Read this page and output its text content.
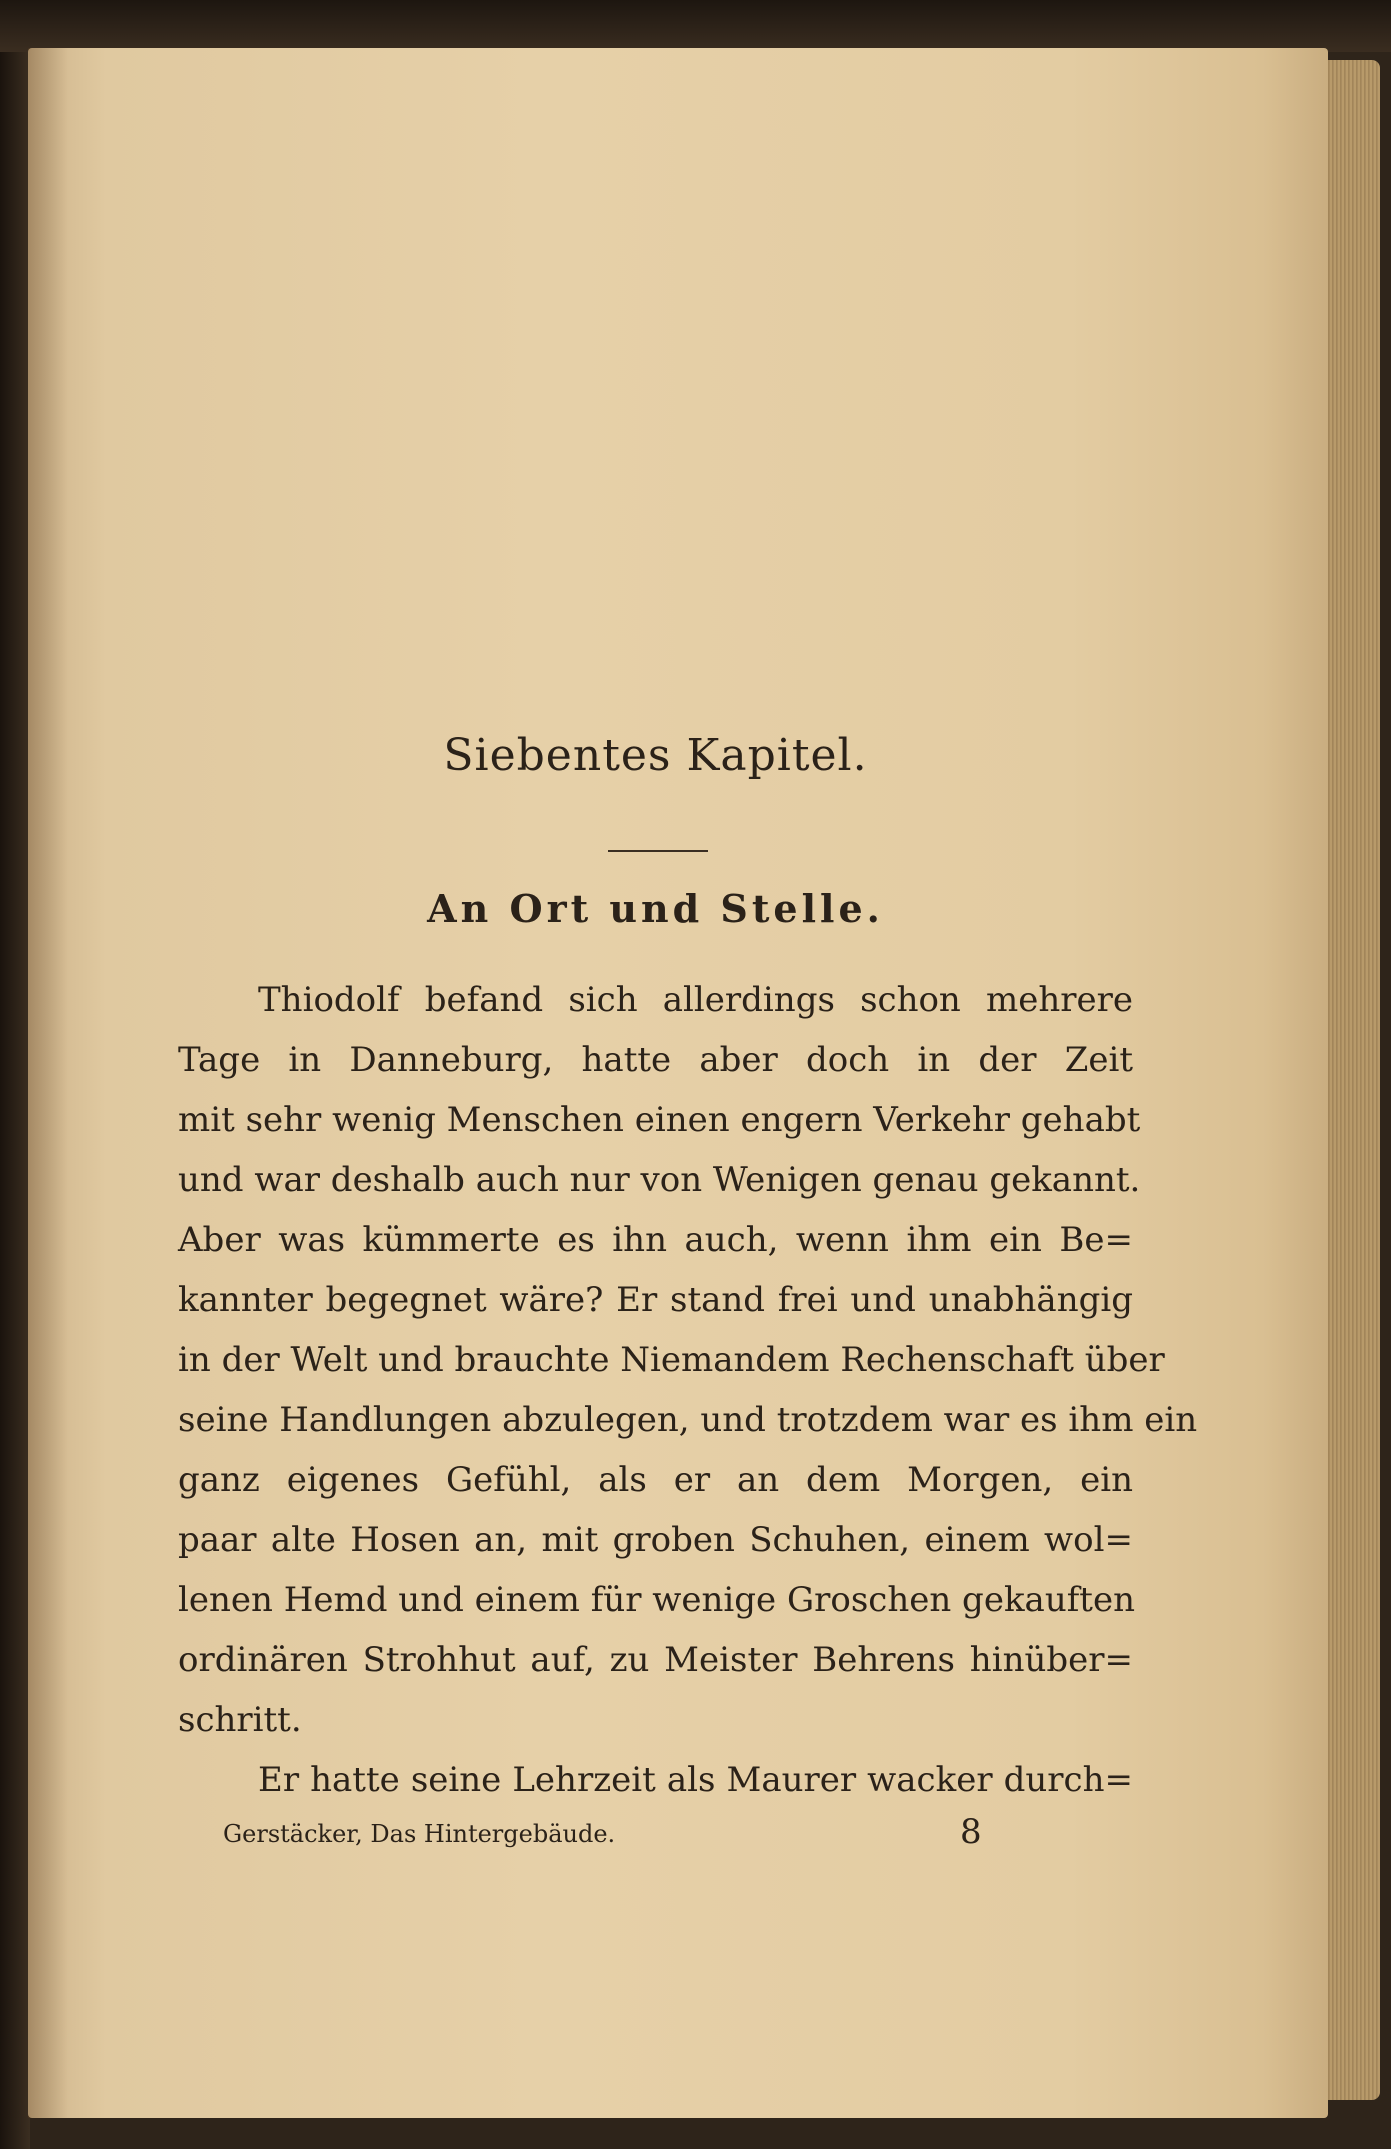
Siebentes Kapitel.
An Ort und Stelle.
Thiodolf befand sich allerdings schon mehrere
Tage in Danneburg, hatte aber doch in der Zeit
mit sehr wenig Menschen einen engern Verkehr gehabt
und war deshalb auch nur von Wenigen genau gekannt.
Aber was kümmerte es ihn auch, wenn ihm ein Be=
kannter begegnet wäre? Er stand frei und unabhängig
in der Welt und brauchte Niemandem Rechenschaft über
seine Handlungen abzulegen, und trotzdem war es ihm ein
ganz eigenes Gefühl, als er an dem Morgen, ein
paar alte Hosen an, mit groben Schuhen, einem wol=
lenen Hemd und einem für wenige Groschen gekauften
ordinären Strohhut auf, zu Meister Behrens hinüber=
schritt.
Er hatte seine Lehrzeit als Maurer wacker durch=
Gerstäcker, Das Hintergebäude.	8
